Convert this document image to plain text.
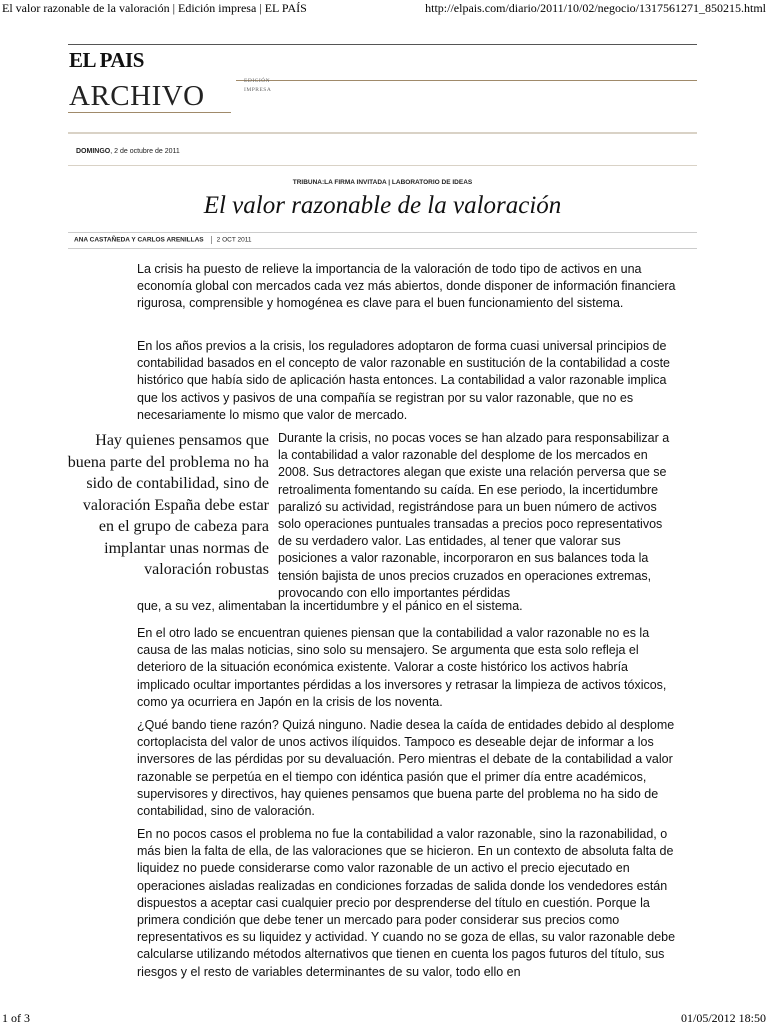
El valor razonable de la valoración | Edición impresa | EL PAÍS	http://elpais.com/diario/2011/10/02/negocio/1317561271_850215.html
EL PAIS
ARCHIVO	EDICIÓN
IMPRESA
DOMINGO, 2 de octubre de 2011
TRIBUNA:LA FIRMA INVITADA | LABORATORIO DE IDEAS
El valor razonable de la valoración
ANA CASTAÑEDA Y CARLOS ARENILLAS 2 OCT 2011

La crisis ha puesto de relieve la importancia de la valoración de todo tipo de activos en una economía global con mercados cada vez más abiertos, donde disponer de información financiera rigurosa, comprensible y homogénea es clave para el buen funcionamiento del sistema.

En los años previos a la crisis, los reguladores adoptaron de forma cuasi universal principios de contabilidad basados en el concepto de valor razonable en sustitución de la contabilidad a coste histórico que había sido de aplicación hasta entonces. La contabilidad a valor razonable implica que los activos y pasivos de una compañía se registran por su valor razonable, que no es necesariamente lo mismo que valor de mercado.

Hay quienes pensamos que buena parte del problema no ha sido de contabilidad, sino de valoración España debe estar en el grupo de cabeza para implantar unas normas de valoración robustas

Durante la crisis, no pocas voces se han alzado para responsabilizar a la contabilidad a valor razonable del desplome de los mercados en 2008. Sus detractores alegan que existe una relación perversa que se retroalimenta fomentando su caída. En ese periodo, la incertidumbre paralizó su actividad, registrándose para un buen número de activos solo operaciones puntuales transadas a precios poco representativos de su verdadero valor. Las entidades, al tener que valorar sus posiciones a valor razonable, incorporaron en sus balances toda la tensión bajista de unos precios cruzados en operaciones extremas, provocando con ello importantes pérdidas

que, a su vez, alimentaban la incertidumbre y el pánico en el sistema.

En el otro lado se encuentran quienes piensan que la contabilidad a valor razonable no es la causa de las malas noticias, sino solo su mensajero. Se argumenta que esta solo refleja el deterioro de la situación económica existente. Valorar a coste histórico los activos habría implicado ocultar importantes pérdidas a los inversores y retrasar la limpieza de activos tóxicos, como ya ocurriera en Japón en la crisis de los noventa.

¿Qué bando tiene razón? Quizá ninguno. Nadie desea la caída de entidades debido al desplome cortoplacista del valor de unos activos ilíquidos. Tampoco es deseable dejar de informar a los inversores de las pérdidas por su devaluación. Pero mientras el debate de la contabilidad a valor razonable se perpetúa en el tiempo con idéntica pasión que el primer día entre académicos, supervisores y directivos, hay quienes pensamos que buena parte del problema no ha sido de contabilidad, sino de valoración.

En no pocos casos el problema no fue la contabilidad a valor razonable, sino la razonabilidad, o más bien la falta de ella, de las valoraciones que se hicieron. En un contexto de absoluta falta de liquidez no puede considerarse como valor razonable de un activo el precio ejecutado en operaciones aisladas realizadas en condiciones forzadas de salida donde los vendedores están dispuestos a aceptar casi cualquier precio por desprenderse del título en cuestión. Porque la primera condición que debe tener un mercado para poder considerar sus precios como representativos es su liquidez y actividad. Y cuando no se goza de ellas, su valor razonable debe calcularse utilizando métodos alternativos que tienen en cuenta los pagos futuros del título, sus riesgos y el resto de variables determinantes de su valor, todo ello en

1 of 3	01/05/2012 18:50
